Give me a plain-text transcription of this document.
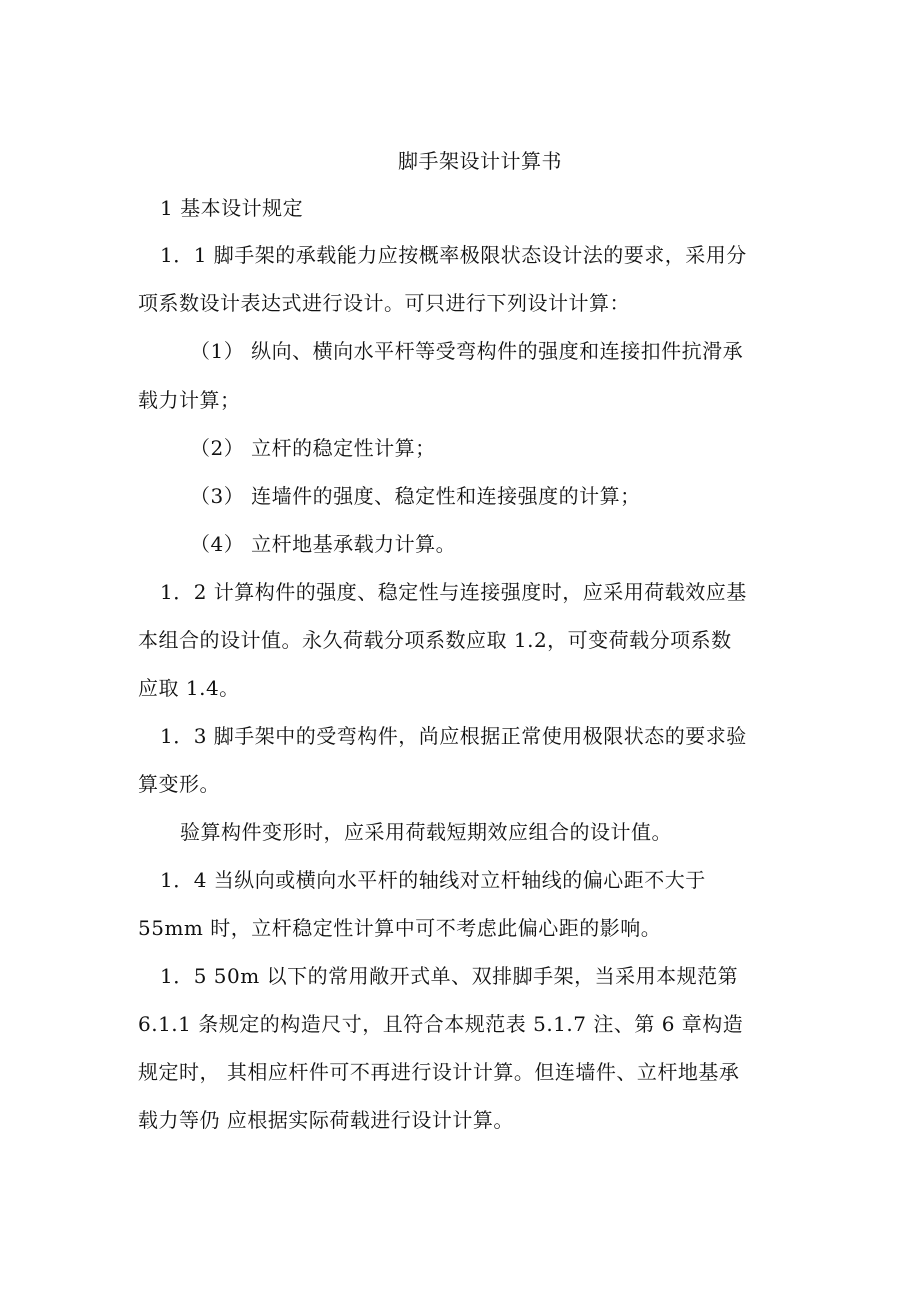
脚手架设计计算书
1 基本设计规定
1．1 脚手架的承载能力应按概率极限状态设计法的要求，采用分
项系数设计表达式进行设计。可只进行下列设计计算：
（1） 纵向、横向水平杆等受弯构件的强度和连接扣件抗滑承
载力计算；
（2） 立杆的稳定性计算；
（3） 连墙件的强度、稳定性和连接强度的计算；
（4） 立杆地基承载力计算。
1．2 计算构件的强度、稳定性与连接强度时，应采用荷载效应基
本组合的设计值。永久荷载分项系数应取 1.2，可变荷载分项系数
应取 1.4。
1．3 脚手架中的受弯构件，尚应根据正常使用极限状态的要求验
算变形。
验算构件变形时，应采用荷载短期效应组合的设计值。
1．4 当纵向或横向水平杆的轴线对立杆轴线的偏心距不大于
55mm 时，立杆稳定性计算中可不考虑此偏心距的影响。
1．5 50m 以下的常用敞开式单、双排脚手架，当采用本规范第
6.1.1 条规定的构造尺寸，且符合本规范表 5.1.7 注、第 6 章构造
规定时， 其相应杆件可不再进行设计计算。但连墙件、立杆地基承
载力等仍 应根据实际荷载进行设计计算。
